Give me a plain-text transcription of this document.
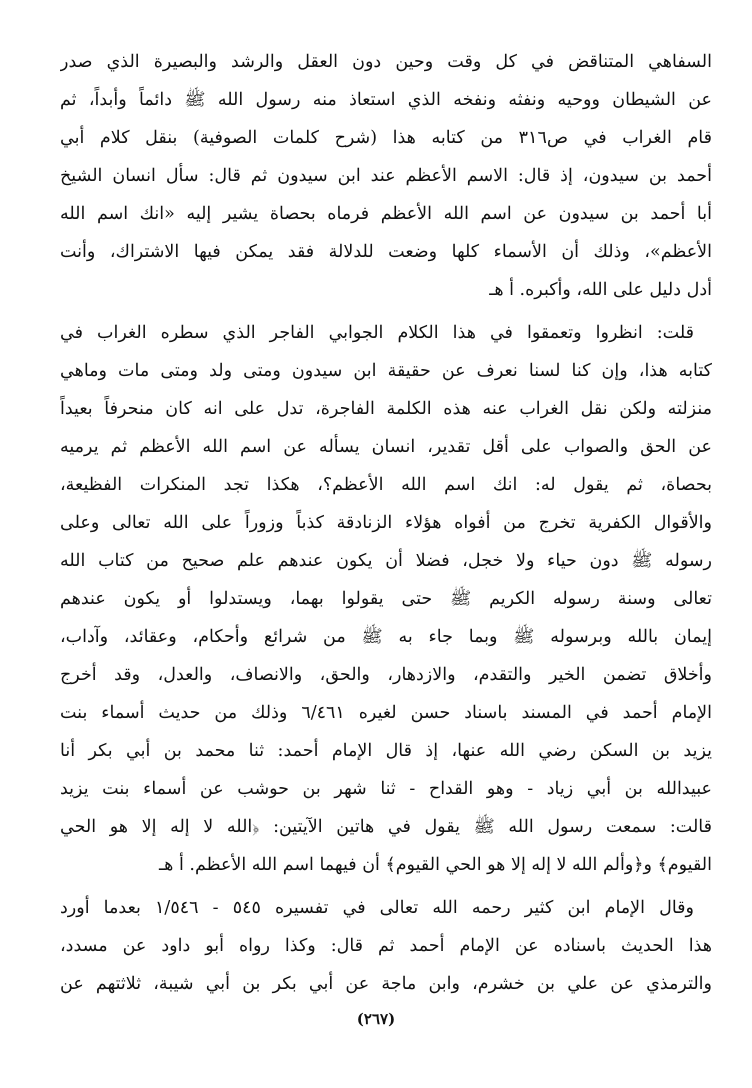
السفاهي المتناقض في كل وقت وحين دون العقل والرشد والبصيرة الذي صدر
عن الشيطان ووحيه ونفثه ونفخه الذي استعاذ منه رسول الله ﷺ دائماً وأبداً، ثم
قام الغراب في ص٣١٦ من كتابه هذا (شرح كلمات الصوفية) بنقل كلام أبي
أحمد بن سيدون، إذ قال: الاسم الأعظم عند ابن سيدون ثم قال: سأل انسان الشيخ
أبا أحمد بن سيدون عن اسم الله الأعظم فرماه بحصاة يشير إليه «انك اسم الله
الأعظم»، وذلك أن الأسماء كلها وضعت للدلالة فقد يمكن فيها الاشتراك، وأنت
أدل دليل على الله، وأكبره. أ هـ
قلت: انظروا وتعمقوا في هذا الكلام الجوابي الفاجر الذي سطره الغراب في
كتابه هذا، وإن كنا لسنا نعرف عن حقيقة ابن سيدون ومتى ولد ومتى مات وماهي
منزلته ولكن نقل الغراب عنه هذه الكلمة الفاجرة، تدل على انه كان منحرفاً بعيداً
عن الحق والصواب على أقل تقدير، انسان يسأله عن اسم الله الأعظم ثم يرميه
بحصاة، ثم يقول له: انك اسم الله الأعظم؟، هكذا تجد المنكرات الفظيعة،
والأقوال الكفرية تخرج من أفواه هؤلاء الزنادقة كذباً وزوراً على الله تعالى وعلى
رسوله ﷺ دون حياء ولا خجل، فضلا أن يكون عندهم علم صحيح من كتاب الله
تعالى وسنة رسوله الكريم ﷺ حتى يقولوا بهما، ويستدلوا أو يكون عندهم
إيمان بالله وبرسوله ﷺ وبما جاء به ﷺ من شرائع وأحكام، وعقائد، وآداب،
وأخلاق تضمن الخير والتقدم، والازدهار، والحق، والانصاف، والعدل، وقد أخرج
الإمام أحمد في المسند باسناد حسن لغيره ٦/٤٦١ وذلك من حديث أسماء بنت
يزيد بن السكن رضي الله عنها، إذ قال الإمام أحمد: ثنا محمد بن أبي بكر أنا
عبيدالله بن أبي زياد - وهو القداح - ثنا شهر بن حوشب عن أسماء بنت يزيد
قالت: سمعت رسول الله ﷺ يقول في هاتين الآيتين: ﴿الله لا إله إلا هو الحي
القيوم﴾ و﴿وألم الله لا إله إلا هو الحي القيوم﴾ أن فيهما اسم الله الأعظم. أ هـ
وقال الإمام ابن كثير رحمه الله تعالى في تفسيره ٥٤٥ - ١/٥٤٦ بعدما أورد
هذا الحديث باسناده عن الإمام أحمد ثم قال: وكذا رواه أبو داود عن مسدد،
والترمذي عن علي بن خشرم، وابن ماجة عن أبي بكر بن أبي شيبة، ثلاثتهم عن
(٢٦٧)
